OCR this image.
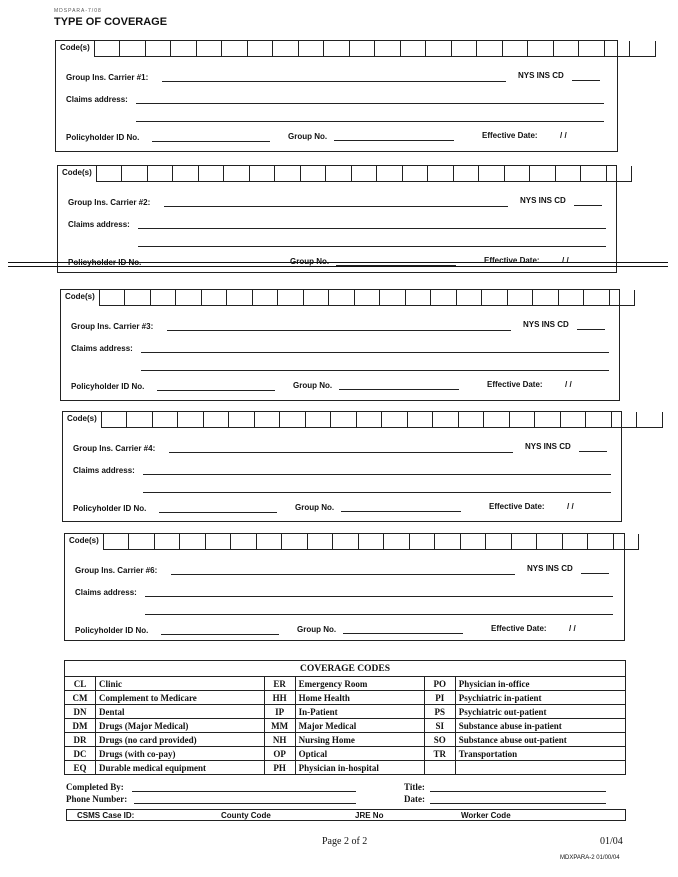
MDSPARA-7/08
TYPE OF COVERAGE
Code(s)
Group Ins. Carrier #1:	NYS INS CD
Claims address:
Policyholder ID No.	Group No.	Effective Date:	/ /
Code(s)
Group Ins. Carrier #2:	NYS INS CD
Claims address:
Policyholder ID No.	Group No.	Effective Date:	/ /
Code(s)
Group Ins. Carrier #3:	NYS INS CD
Claims address:
Policyholder ID No.	Group No.	Effective Date:	/ /
Code(s)
Group Ins. Carrier #4:	NYS INS CD
Claims address:
Policyholder ID No.	Group No.	Effective Date:	/ /
Code(s)
Group Ins. Carrier #6:	NYS INS CD
Claims address:
Policyholder ID No.	Group No.	Effective Date:	/ /
COVERAGE CODES					
CL	Clinic	ER	Emergency Room	PO	Physician in-office
CM	Complement to Medicare	HH	Home Health	PI	Psychiatric in-patient
DN	Dental	IP	In-Patient	PS	Psychiatric out-patient
DM	Drugs (Major Medical)	MM	Major Medical	SI	Substance abuse in-patient
DR	Drugs (no card provided)	NH	Nursing Home	SO	Substance abuse out-patient
DC	Drugs (with co-pay)	OP	Optical	TR	Transportation
EQ	Durable medical equipment	PH	Physician in-hospital		
Completed By:
Phone Number:
Title:
Date:
CSMS Case ID:	County Code	JRE No	Worker Code
Page 2 of 2	01/04
MDXPARA-2 01/00/04
